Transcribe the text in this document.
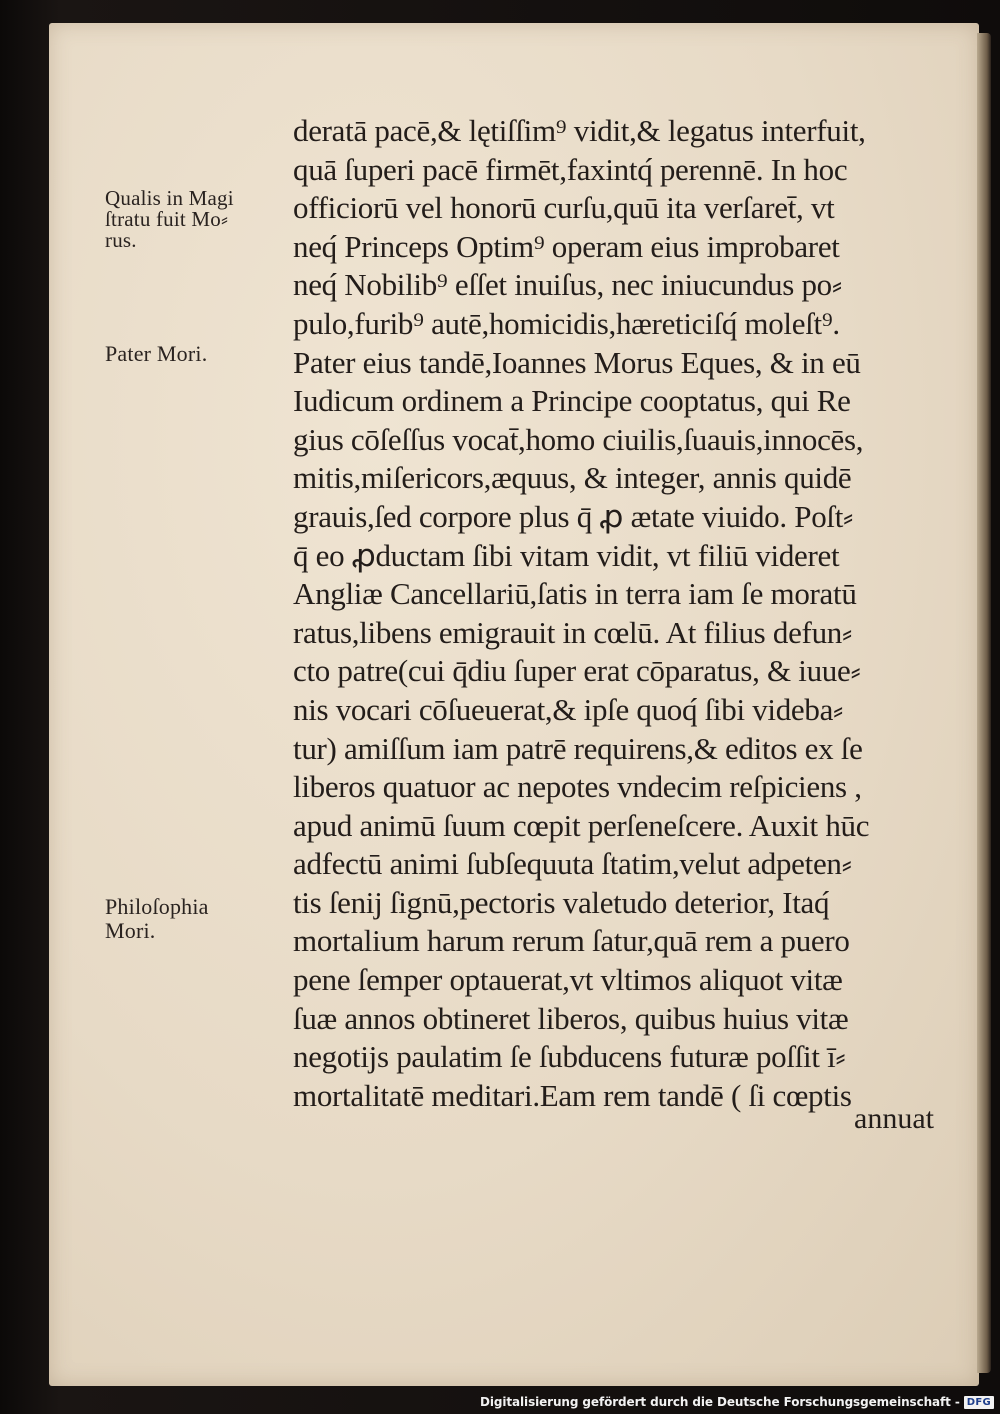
Qualis in Magi
ſtratu fuit Mo⸗
rus.
Pater Mori.
Philoſophia
Mori.
deratā pacē,& lętiſſim⁹ vidit,& legatus interfuit,
quā ſuperi pacē firmēt,faxintq́ perennē. In hoc
officiorū vel honorū curſu,quū ita verſaret̄, vt
neq́ Princeps Optim⁹ operam eius improbaret
neq́ Nobilib⁹ eſſet inuiſus, nec iniucundus po⸗
pulo,furib⁹ autē,homicidis,hæreticiſq́ moleſt⁹.
Pater eius tandē,Ioannes Morus Eques, & in eū
Iudicum ordinem a Principe cooptatus, qui Re
gius cōſeſſus vocat̄,homo ciuilis,ſuauis,innocēs,
mitis,miſericors,æquus, & integer, annis quidē
grauis,ſed corpore plus q̄ ꝓ ætate viuido. Poſt⸗
q̄ eo ꝓductam ſibi vitam vidit, vt filiū videret
Angliæ Cancellariū,ſatis in terra iam ſe moratū
ratus,libens emigrauit in cœlū. At filius defun⸗
cto patre(cui q̄diu ſuper erat cōparatus, & iuue⸗
nis vocari cōſueuerat,& ipſe quoq́ ſibi videba⸗
tur) amiſſum iam patrē requirens,& editos ex ſe
liberos quatuor ac nepotes vndecim reſpiciens ,
apud animū ſuum cœpit perſeneſcere. Auxit hūc
adfectū animi ſubſequuta ſtatim,velut adpeten⸗
tis ſenij ſignū,pectoris valetudo deterior, Itaq́
mortalium harum rerum ſatur,quā rem a puero
pene ſemper optauerat,vt vltimos aliquot vitæ
ſuæ annos obtineret liberos, quibus huius vitæ
negotijs paulatim ſe ſubducens futuræ poſſit ī⸗
mortalitatē meditari.Eam rem tandē ( ſi cœptis
annuat
Digitalisierung gefördert durch die Deutsche Forschungsgemeinschaft - DFG
